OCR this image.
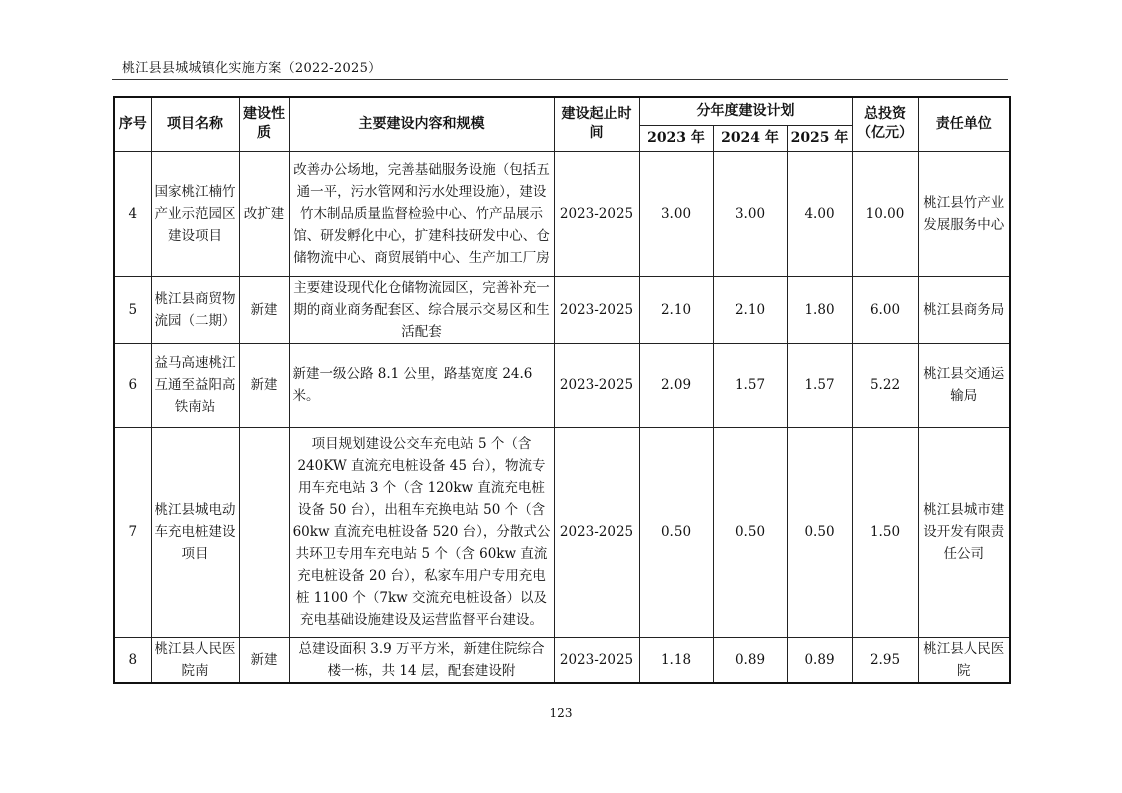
桃江县县城城镇化实施方案（2022-2025）
序号	项目名称	建设性质	主要建设内容和规模	建设起止时间	分年度建设计划			总投资（亿元）	责任单位
					2023 年	2024 年	2025 年		
4	国家桃江楠竹产业示范园区建设项目	改扩建	改善办公场地，完善基础服务设施（包括五通一平，污水管网和污水处理设施），建设竹木制品质量监督检验中心、竹产品展示馆、研发孵化中心，扩建科技研发中心、仓储物流中心、商贸展销中心、生产加工厂房	2023-2025	3.00	3.00	4.00	10.00	桃江县竹产业发展服务中心
5	桃江县商贸物流园（二期）	新建	主要建设现代化仓储物流园区，完善补充一期的商业商务配套区、综合展示交易区和生活配套	2023-2025	2.10	2.10	1.80	6.00	桃江县商务局
6	益马高速桃江互通至益阳高铁南站	新建	新建一级公路 8.1 公里，路基宽度 24.6 米。	2023-2025	2.09	1.57	1.57	5.22	桃江县交通运输局
7	桃江县城电动车充电桩建设项目		项目规划建设公交车充电站 5 个（含 240KW 直流充电桩设备 45 台），物流专用车充电站 3 个（含 120kw 直流充电桩设备 50 台），出租车充换电站 50 个（含 60kw 直流充电桩设备 520 台），分散式公共环卫专用车充电站 5 个（含 60kw 直流充电桩设备 20 台），私家车用户专用充电桩 1100 个（7kw 交流充电桩设备）以及充电基础设施建设及运营监督平台建设。	2023-2025	0.50	0.50	0.50	1.50	桃江县城市建设开发有限责任公司
8	桃江县人民医院南	新建	总建设面积 3.9 万平方米，新建住院综合楼一栋，共 14 层，配套建设附	2023-2025	1.18	0.89	0.89	2.95	桃江县人民医院
123
